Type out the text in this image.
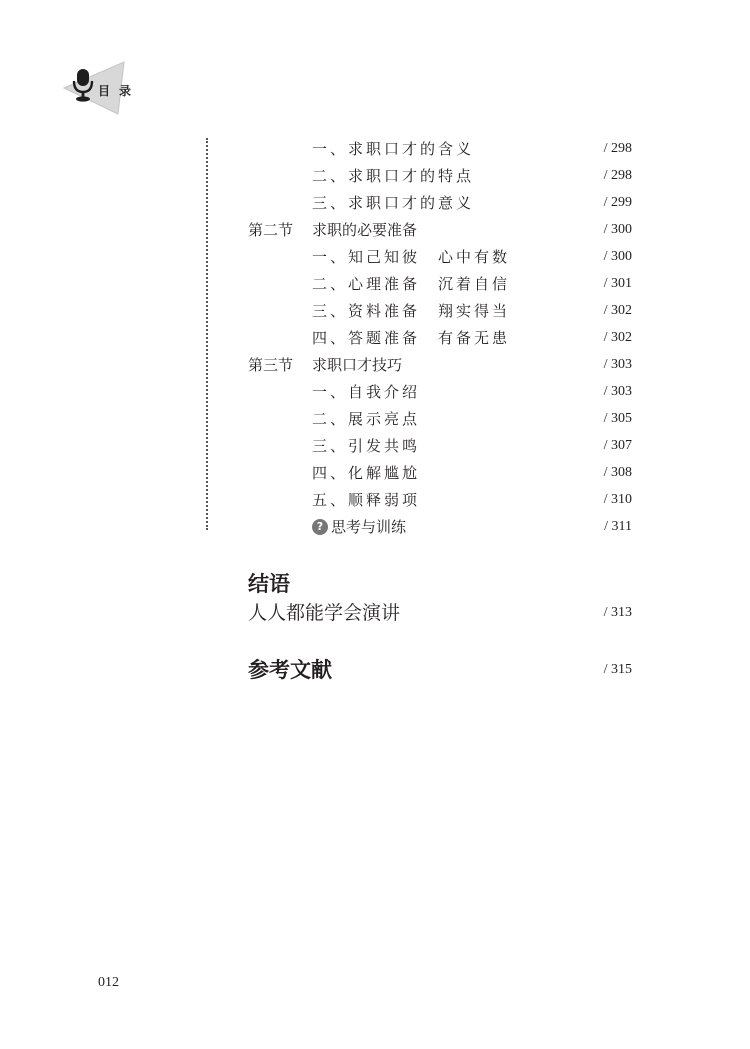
目录
一、求职口才的含义	/ 298
二、求职口才的特点	/ 298
三、求职口才的意义	/ 299
第二节	求职的必要准备	/ 300
一、知己知彼　心中有数	/ 300
二、心理准备　沉着自信	/ 301
三、资料准备　翔实得当	/ 302
四、答题准备　有备无患	/ 302
第三节	求职口才技巧	/ 303
一、自我介绍	/ 303
二、展示亮点	/ 305
三、引发共鸣	/ 307
四、化解尴尬	/ 308
五、顺释弱项	/ 310
? 思考与训练	/ 311
结语
人人都能学会演讲	/ 313
参考文献	/ 315
012
